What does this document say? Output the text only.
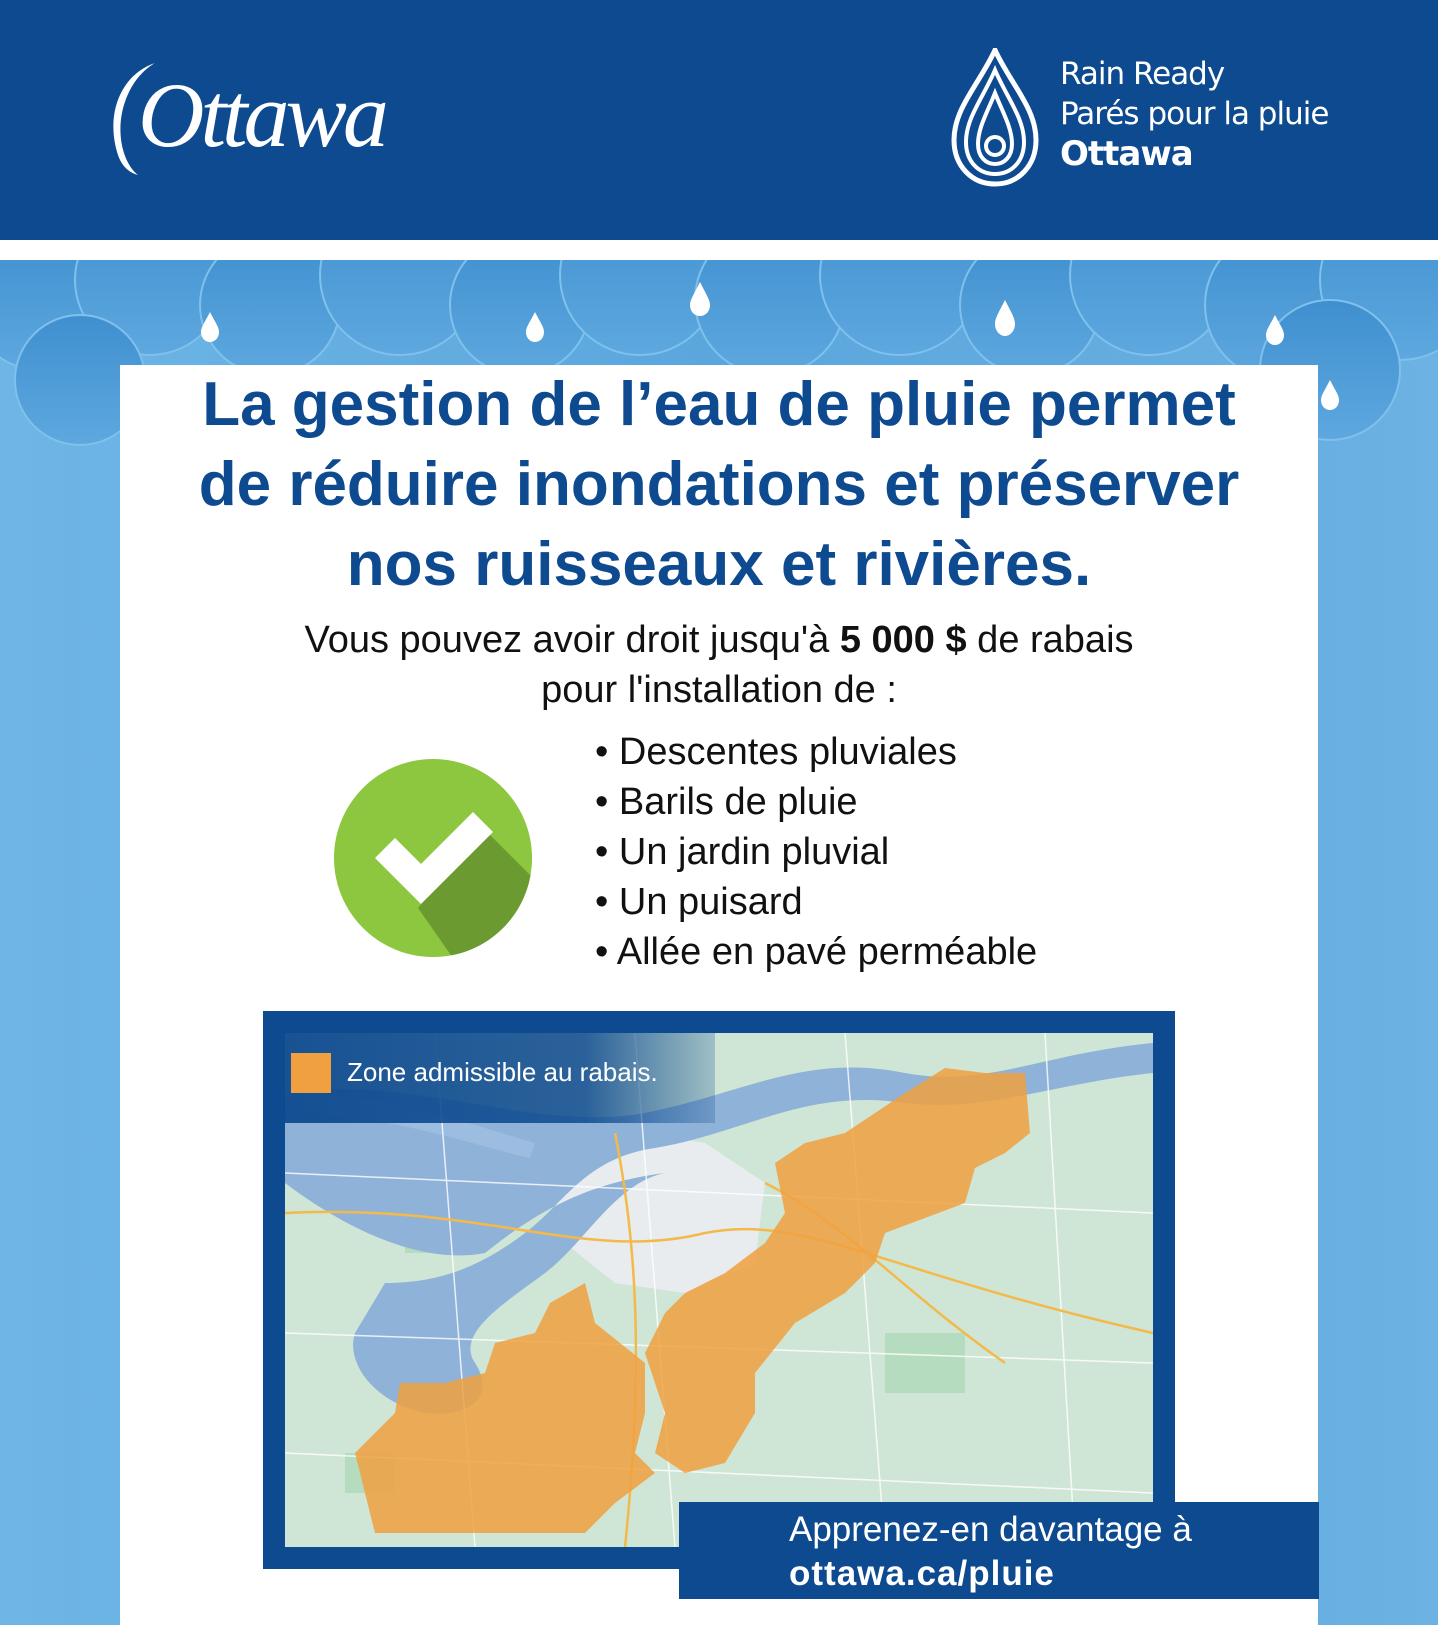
Ottawa	Rain Ready
Parés pour la pluie
Ottawa
La gestion de l’eau de pluie permet
de réduire inondations et préserver
nos ruisseaux et rivières.
Vous pouvez avoir droit jusqu'à 5 000 $ de rabais
pour l'installation de :
• Descentes pluviales
• Barils de pluie
• Un jardin pluvial
• Un puisard
• Allée en pavé perméable
Zone admissible au rabais.
Apprenez-en davantage à
ottawa.ca/pluie
